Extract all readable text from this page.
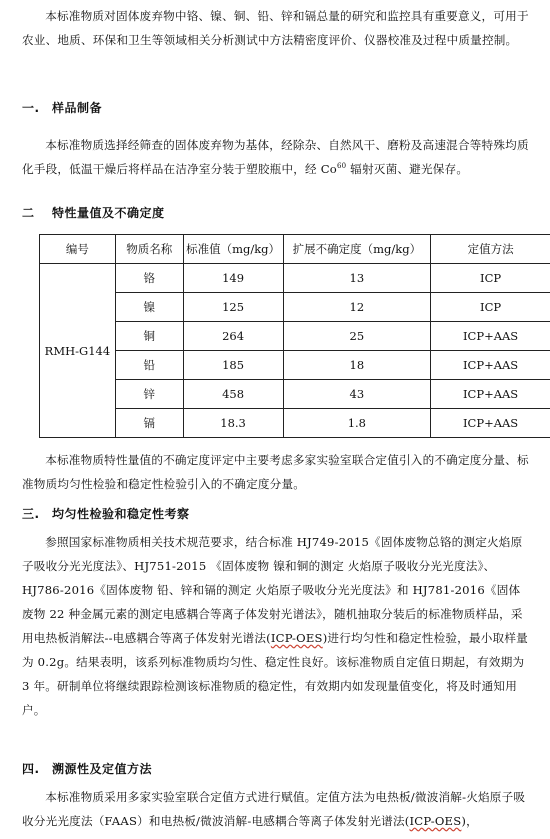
本标准物质对固体废弃物中铬、镍、铜、铅、锌和镉总量的研究和监控具有重要意义，可用于农业、地质、环保和卫生等领域相关分析测试中方法精密度评价、仪器校准及过程中质量控制。

一. 样品制备

本标准物质选择经筛查的固体废弃物为基体，经除杂、自然风干、磨粉及高速混合等特殊均质化手段，低温干燥后将样品在洁净室分装于塑胶瓶中，经 Co$^{60}$ 辐射灭菌、避光保存。

二 特性量值及不确定度

编号	物质名称	标准值（mg/kg）	扩展不确定度（mg/kg）	定值方法
RMH-G144	铬	149	13	ICP
	镍	125	12	ICP
	铜	264	25	ICP+AAS
	铅	185	18	ICP+AAS
	锌	458	43	ICP+AAS
	镉	18.3	1.8	ICP+AAS

本标准物质特性量值的不确定度评定中主要考虑多家实验室联合定值引入的不确定度分量、标准物质均匀性检验和稳定性检验引入的不确定度分量。

三. 均匀性检验和稳定性考察

参照国家标准物质相关技术规范要求，结合标准 HJ749-2015《固体废物总铬的测定火焰原子吸收分光光度法》、HJ751-2015 《固体废物 镍和铜的测定 火焰原子吸收分光光度法》、HJ786-2016《固体废物 铅、锌和镉的测定 火焰原子吸收分光光度法》和 HJ781-2016《固体废物 22 种金属元素的测定电感耦合等离子体发射光谱法》，随机抽取分装后的标准物质样品，采用电热板消解法--电感耦合等离子体发射光谱法(ICP-OES)进行均匀性和稳定性检验，最小取样量为 0.2g。结果表明，该系列标准物质均匀性、稳定性良好。该标准物质自定值日期起，有效期为 3 年。研制单位将继续跟踪检测该标准物质的稳定性，有效期内如发现量值变化，将及时通知用户。

四. 溯源性及定值方法

本标准物质采用多家实验室联合定值方式进行赋值。定值方法为电热板/微波消解-火焰原子吸收分光光度法（FAAS）和电热板/微波消解-电感耦合等离子体发射光谱法(ICP-OES)，
